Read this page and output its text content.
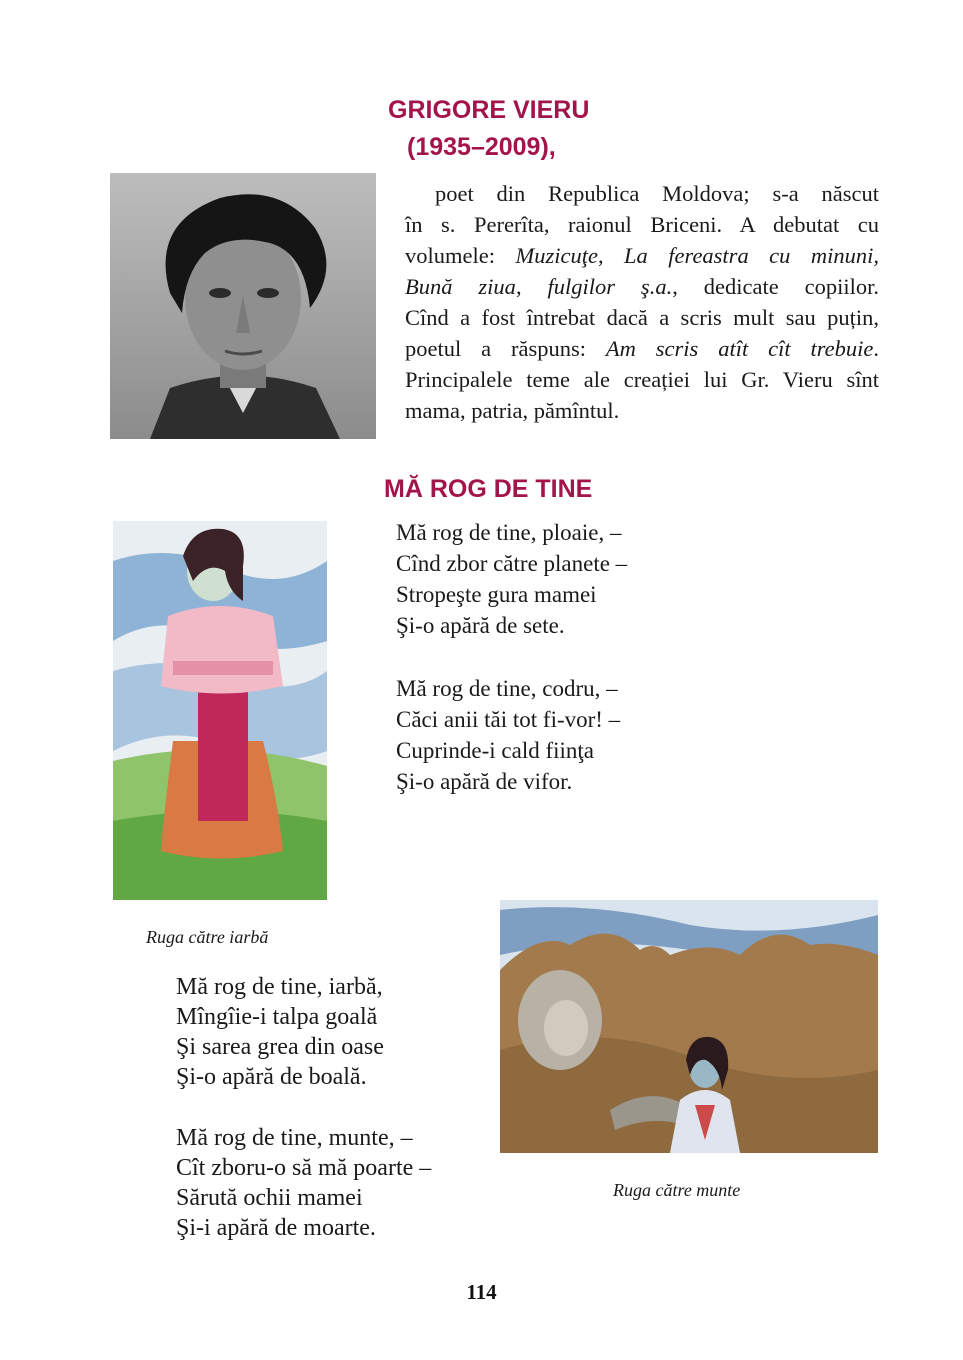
GRIGORE VIERU
(1935–2009),

poet din Republica Moldova; s-a născut
în s. Pererîta, raionul Briceni. A debutat cu
volumele: Muzicuţe, La fereastra cu minuni,
Bună ziua, fulgilor ş.a., dedicate copiilor.
Cînd a fost întrebat dacă a scris mult sau puțin,
poetul a răspuns: Am scris atît cît trebuie.
Principalele teme ale creației lui Gr. Vieru sînt
mama, patria, pămîntul.

MĂ ROG DE TINE
Mă rog de tine, ploaie, –
Cînd zbor către planete –
Stropeşte gura mamei
Şi-o apără de sete.
Mă rog de tine, codru, –
Căci anii tăi tot fi-vor! –
Cuprinde-i cald fiinţa
Şi-o apără de vifor.
Ruga către iarbă
Mă rog de tine, iarbă,
Mîngîie-i talpa goală
Şi sarea grea din oase
Şi-o apără de boală.
Mă rog de tine, munte, –
Cît zboru-o să mă poarte –
Sărută ochii mamei
Şi-i apără de moarte.
Ruga către munte
114
